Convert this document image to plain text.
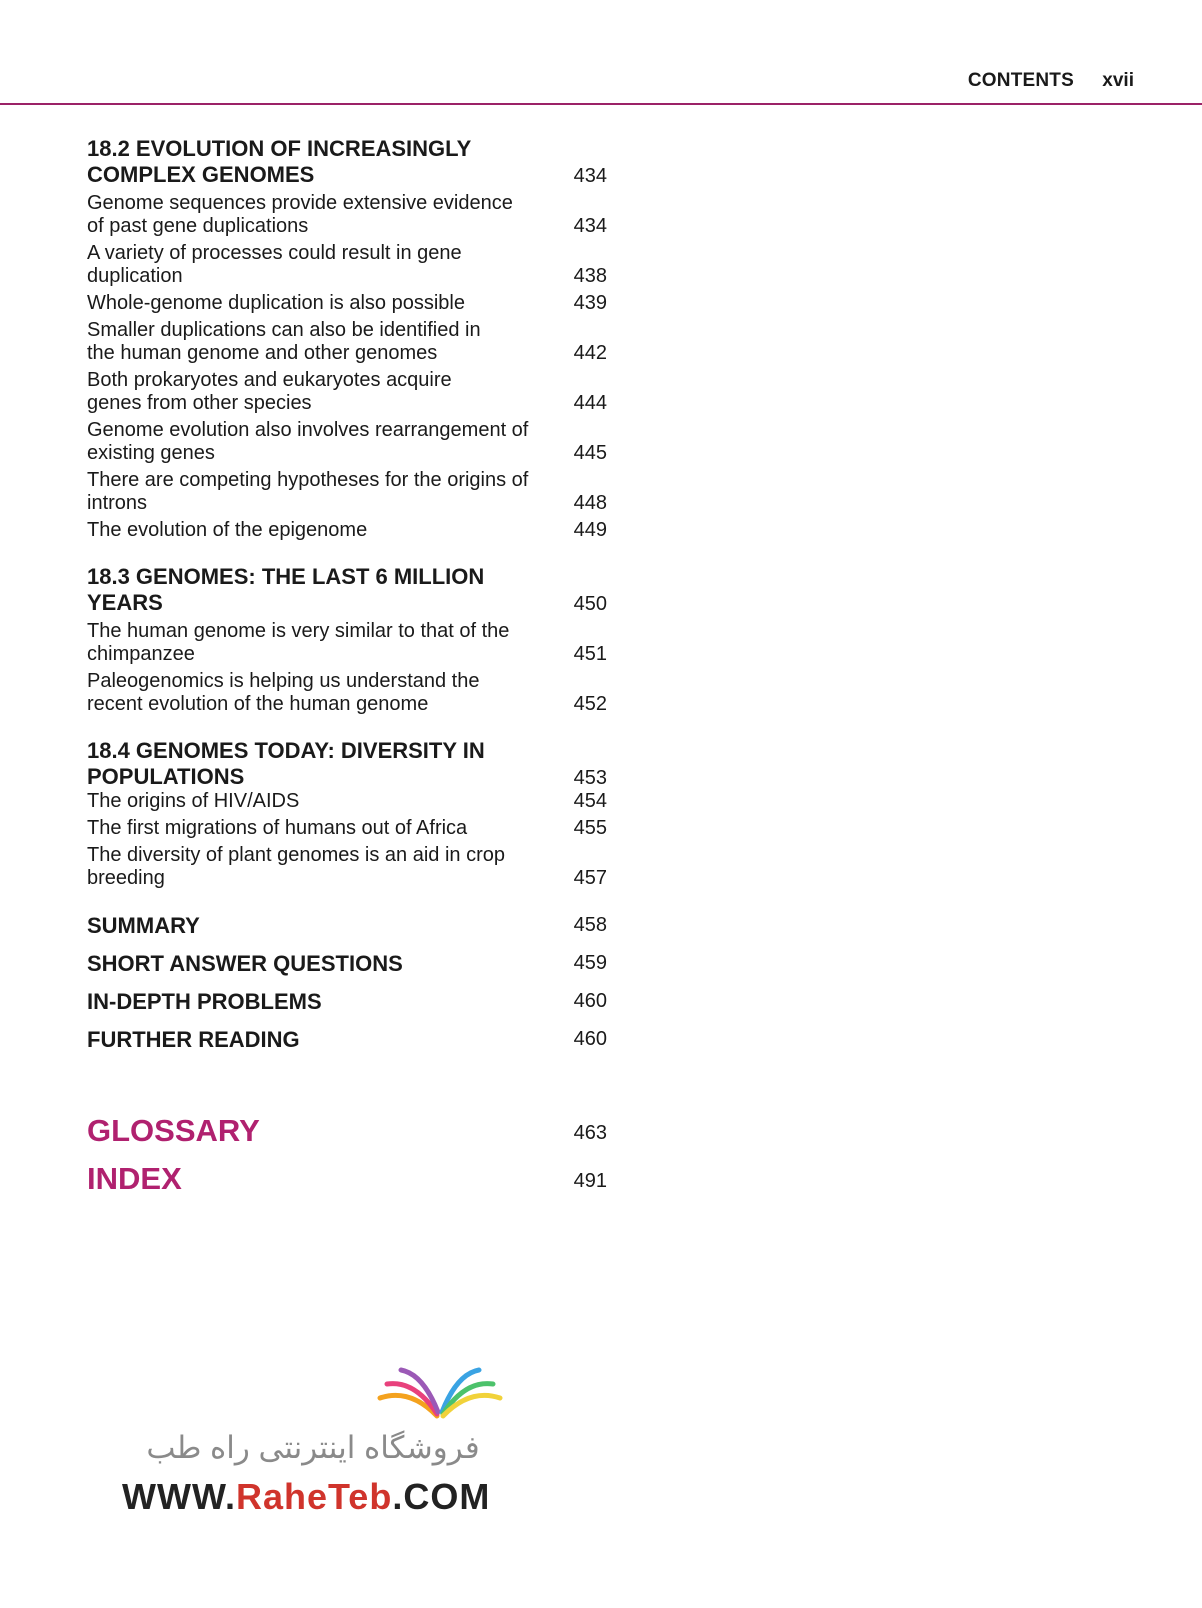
CONTENTS xvii
18.2 EVOLUTION OF INCREASINGLY
COMPLEX GENOMES	434
Genome sequences provide extensive evidence
of past gene duplications	434
A variety of processes could result in gene
duplication	438
Whole-genome duplication is also possible	439
Smaller duplications can also be identified in
the human genome and other genomes	442
Both prokaryotes and eukaryotes acquire
genes from other species	444
Genome evolution also involves rearrangement of
existing genes	445
There are competing hypotheses for the origins of
introns	448
The evolution of the epigenome	449
18.3 GENOMES: THE LAST 6 MILLION
YEARS	450
The human genome is very similar to that of the
chimpanzee	451
Paleogenomics is helping us understand the
recent evolution of the human genome	452
18.4 GENOMES TODAY: DIVERSITY IN
POPULATIONS	453
The origins of HIV/AIDS	454
The first migrations of humans out of Africa	455
The diversity of plant genomes is an aid in crop
breeding	457
SUMMARY	458
SHORT ANSWER QUESTIONS	459
IN-DEPTH PROBLEMS	460
FURTHER READING	460
GLOSSARY	463
INDEX	491
فروشگاه اینترنتی راه طب
WWW.RaheTeb.COM
